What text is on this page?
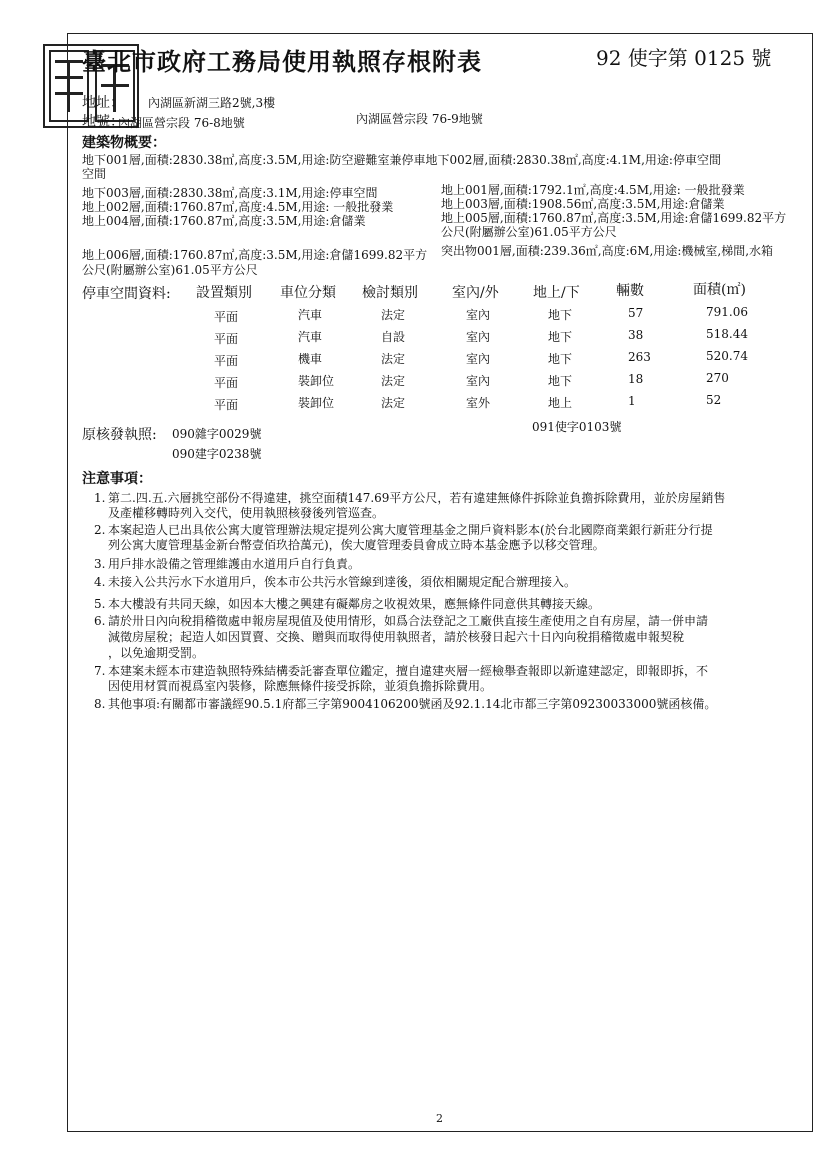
臺北市政府工務局使用執照存根附表	92 使字第 0125 號
地址： 內湖區新湖三路2號,3樓
地號：
內湖區營宗段 76-8地號	內湖區營宗段 76-9地號
建築物概要：
地下001層,面積:2830.38㎡,高度:3.5M,用途:防空避難室兼停車地下002層,面積:2830.38㎡,高度:4.1M,用途:停車空間
空間
地下003層,面積:2830.38㎡,高度:3.1M,用途:停車空間
地上002層,面積:1760.87㎡,高度:4.5M,用途: 一般批發業
地上004層,面積:1760.87㎡,高度:3.5M,用途:倉儲業
地上001層,面積:1792.1㎡,高度:4.5M,用途: 一般批發業
地上003層,面積:1908.56㎡,高度:3.5M,用途:倉儲業
地上005層,面積:1760.87㎡,高度:3.5M,用途:倉儲1699.82平方
公尺(附屬辦公室)61.05平方公尺
地上006層,面積:1760.87㎡,高度:3.5M,用途:倉儲1699.82平方
公尺(附屬辦公室)61.05平方公尺
突出物001層,面積:239.36㎡,高度:6M,用途:機械室,梯間,水箱
停車空間資料: 設置類別 車位分類 檢討類別 室內/外 地上/下	輛數	面積(㎡)
平面	汽車	法定	室內	地下	57	791.06
平面	汽車	自設	室內	地下	38	518.44
平面	機車	法定	室內	地下	263	520.74
平面	裝卸位	法定	室內	地下	18	270
平面	裝卸位	法定	室外	地上	1	52
原核發執照: 090雜字0029號
090建字0238號
091使字0103號
注意事項：
1. 第二.四.五.六層挑空部份不得違建，挑空面積147.69平方公尺，若有違建無條件拆除並負擔拆除費用，並於房屋銷售
及產權移轉時列入交代，使用執照核發後列管巡查。
2. 本案起造人已出具依公寓大廈管理辦法規定提列公寓大廈管理基金之開戶資料影本(於台北國際商業銀行新莊分行提
列公寓大廈管理基金新台幣壹佰玖拾萬元)，俟大廈管理委員會成立時本基金應予以移交管理。
3. 用戶排水設備之管理維護由水道用戶自行負責。
4. 未接入公共污水下水道用戶，俟本市公共污水管線到達後，須依相關規定配合辦理接入。
5. 本大樓設有共同天線，如因本大樓之興建有礙鄰房之收視效果，應無條件同意供其轉接天線。
6. 請於卅日內向稅捐稽徵處申報房屋現值及使用情形，如爲合法登記之工廠供直接生產使用之自有房屋，請一併申請
減徵房屋稅；起造人如因買賣、交換、贈與而取得使用執照者，請於核發日起六十日內向稅捐稽徵處申報契稅
，以免逾期受罰。
7. 本建案未經本市建造執照特殊結構委託審查單位鑑定，擅自違建夾層一經檢舉查報即以新違建認定，即報即拆，不
因使用材質而視爲室內裝修，除應無條件接受拆除，並須負擔拆除費用。
8. 其他事項:有關都市審議經90.5.1府都三字第9004106200號函及92.1.14北市都三字第09230033000號函核備。
2
